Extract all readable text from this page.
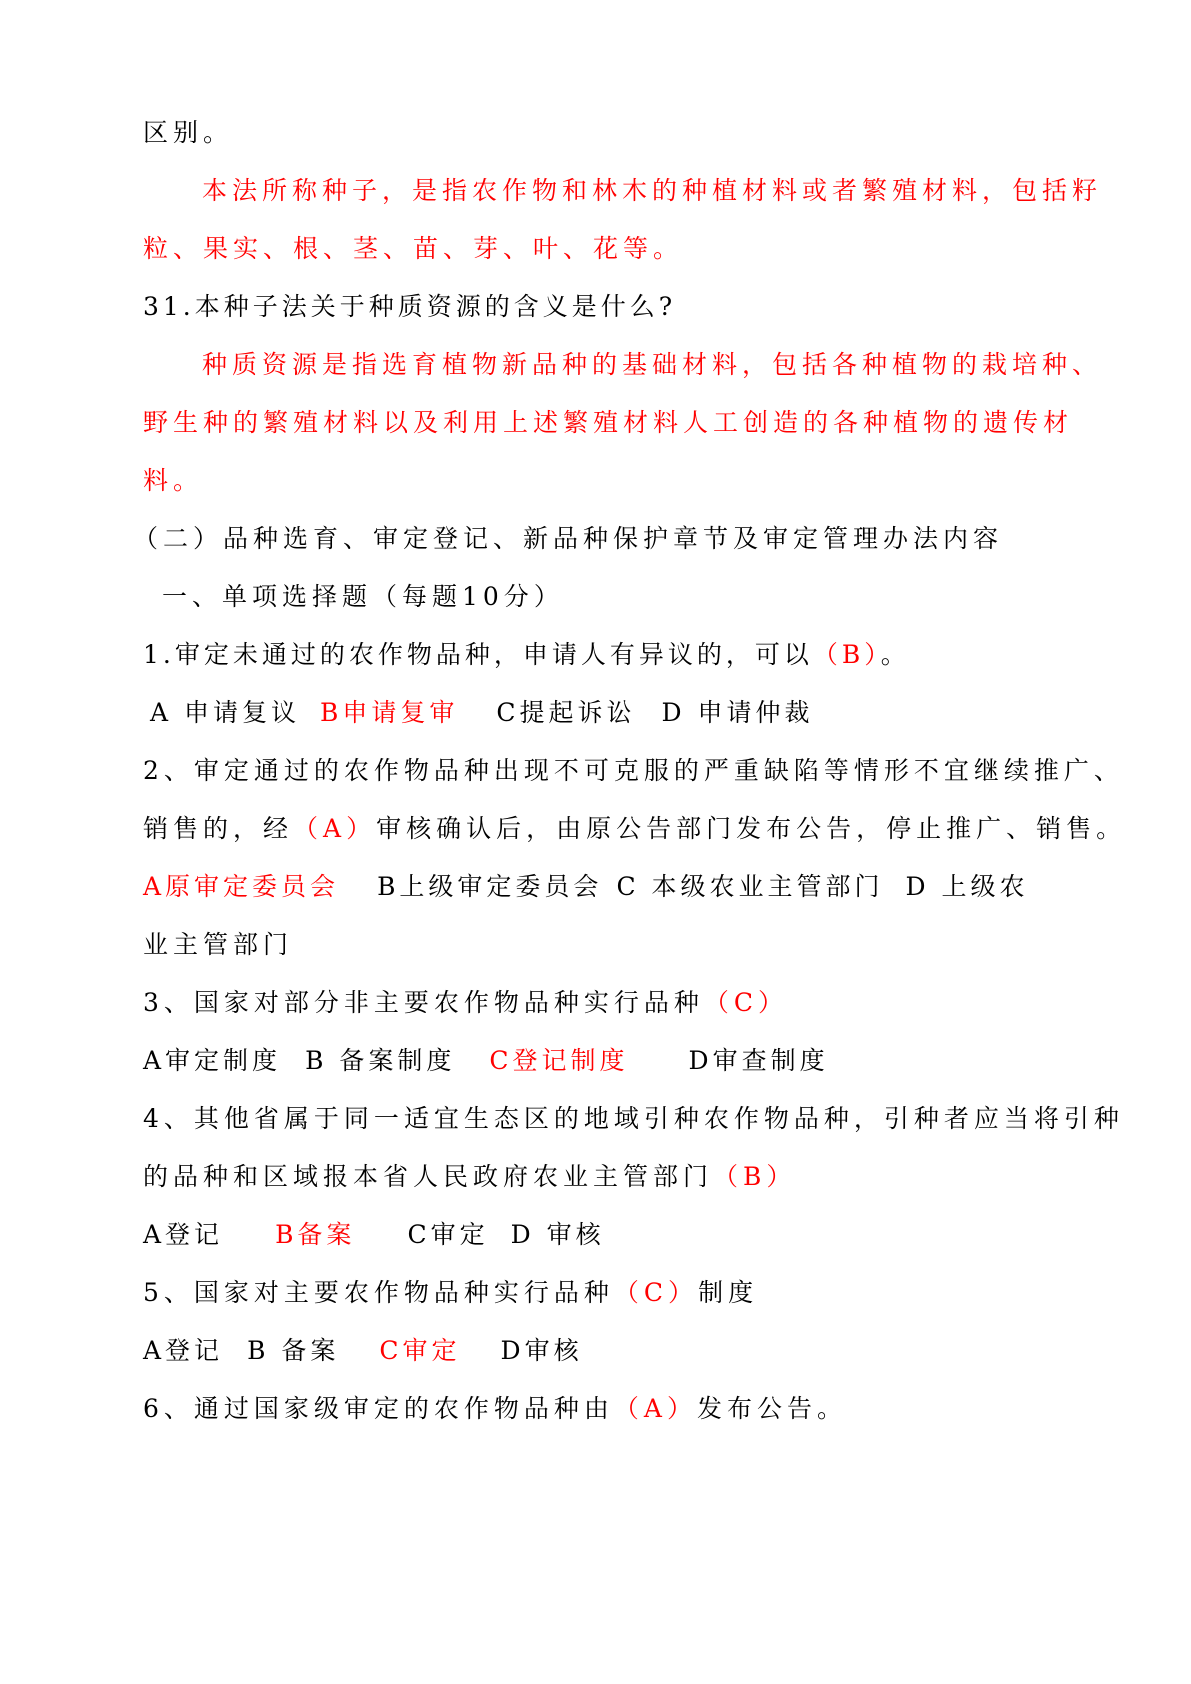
区别。
本法所称种子，是指农作物和林木的种植材料或者繁殖材料，包括籽
粒、果实、根、茎、苗、芽、叶、花等。
31.本种子法关于种质资源的含义是什么?
种质资源是指选育植物新品种的基础材料，包括各种植物的栽培种、
野生种的繁殖材料以及利用上述繁殖材料人工创造的各种植物的遗传材
料。
（二）品种选育、审定登记、新品种保护章节及审定管理办法内容
一、单项选择题（每题10分）
1.审定未通过的农作物品种，申请人有异议的，可以（B）。
A 申请复议 B申请复审 C提起诉讼 D 申请仲裁
2、审定通过的农作物品种出现不可克服的严重缺陷等情形不宜继续推广、
销售的，经（A）审核确认后，由原公告部门发布公告，停止推广、销售。
A原审定委员会 B上级审定委员会 C 本级农业主管部门 D 上级农
业主管部门
3、国家对部分非主要农作物品种实行品种（C）
A审定制度 B 备案制度 C登记制度 D审查制度
4、其他省属于同一适宜生态区的地域引种农作物品种，引种者应当将引种
的品种和区域报本省人民政府农业主管部门（B）
A登记 B备案 C审定 D 审核
5、国家对主要农作物品种实行品种（C）制度
A登记 B 备案 C审定 D审核
6、通过国家级审定的农作物品种由（A）发布公告。
